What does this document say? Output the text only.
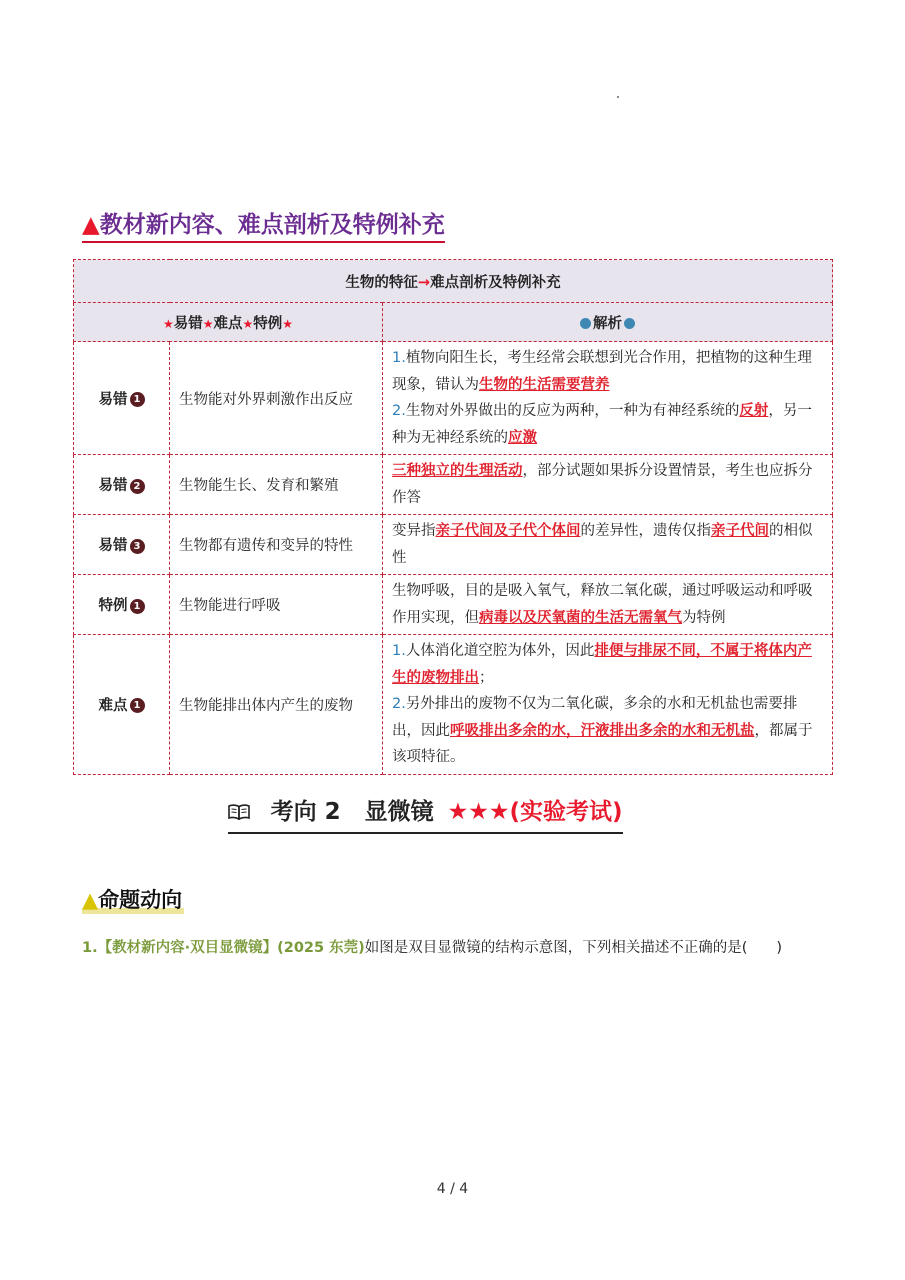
▲教材新内容、难点剖析及特例补充
生物的特征→难点剖析及特例补充		
★易错★难点★特例★		解析
易错 1	生物能对外界刺激作出反应	1.植物向阳生长，考生经常会联想到光合作用，把植物的这种生理现象，错认为生物的生活需要营养
2.生物对外界做出的反应为两种，一种为有神经系统的反射，另一种为无神经系统的应激
易错 2	生物能生长、发育和繁殖	三种独立的生理活动，部分试题如果拆分设置情景，考生也应拆分作答
易错 3	生物都有遗传和变异的特性	变异指亲子代间及子代个体间的差异性，遗传仅指亲子代间的相似性
特例 1	生物能进行呼吸	生物呼吸，目的是吸入氧气，释放二氧化碳，通过呼吸运动和呼吸作用实现，但病毒以及厌氧菌的生活无需氧气为特例
难点 1	生物能排出体内产生的废物	1.人体消化道空腔为体外，因此排便与排尿不同，不属于将体内产生的废物排出；
2.另外排出的废物不仅为二氧化碳，多余的水和无机盐也需要排出，因此呼吸排出多余的水，汗液排出多余的水和无机盐，都属于该项特征。
考向 2 显微镜 ★★★(实验考试)
▲命题动向
1.【教材新内容·双目显微镜】(2025 东莞)如图是双目显微镜的结构示意图，下列相关描述不正确的是(　　)
4 / 4
